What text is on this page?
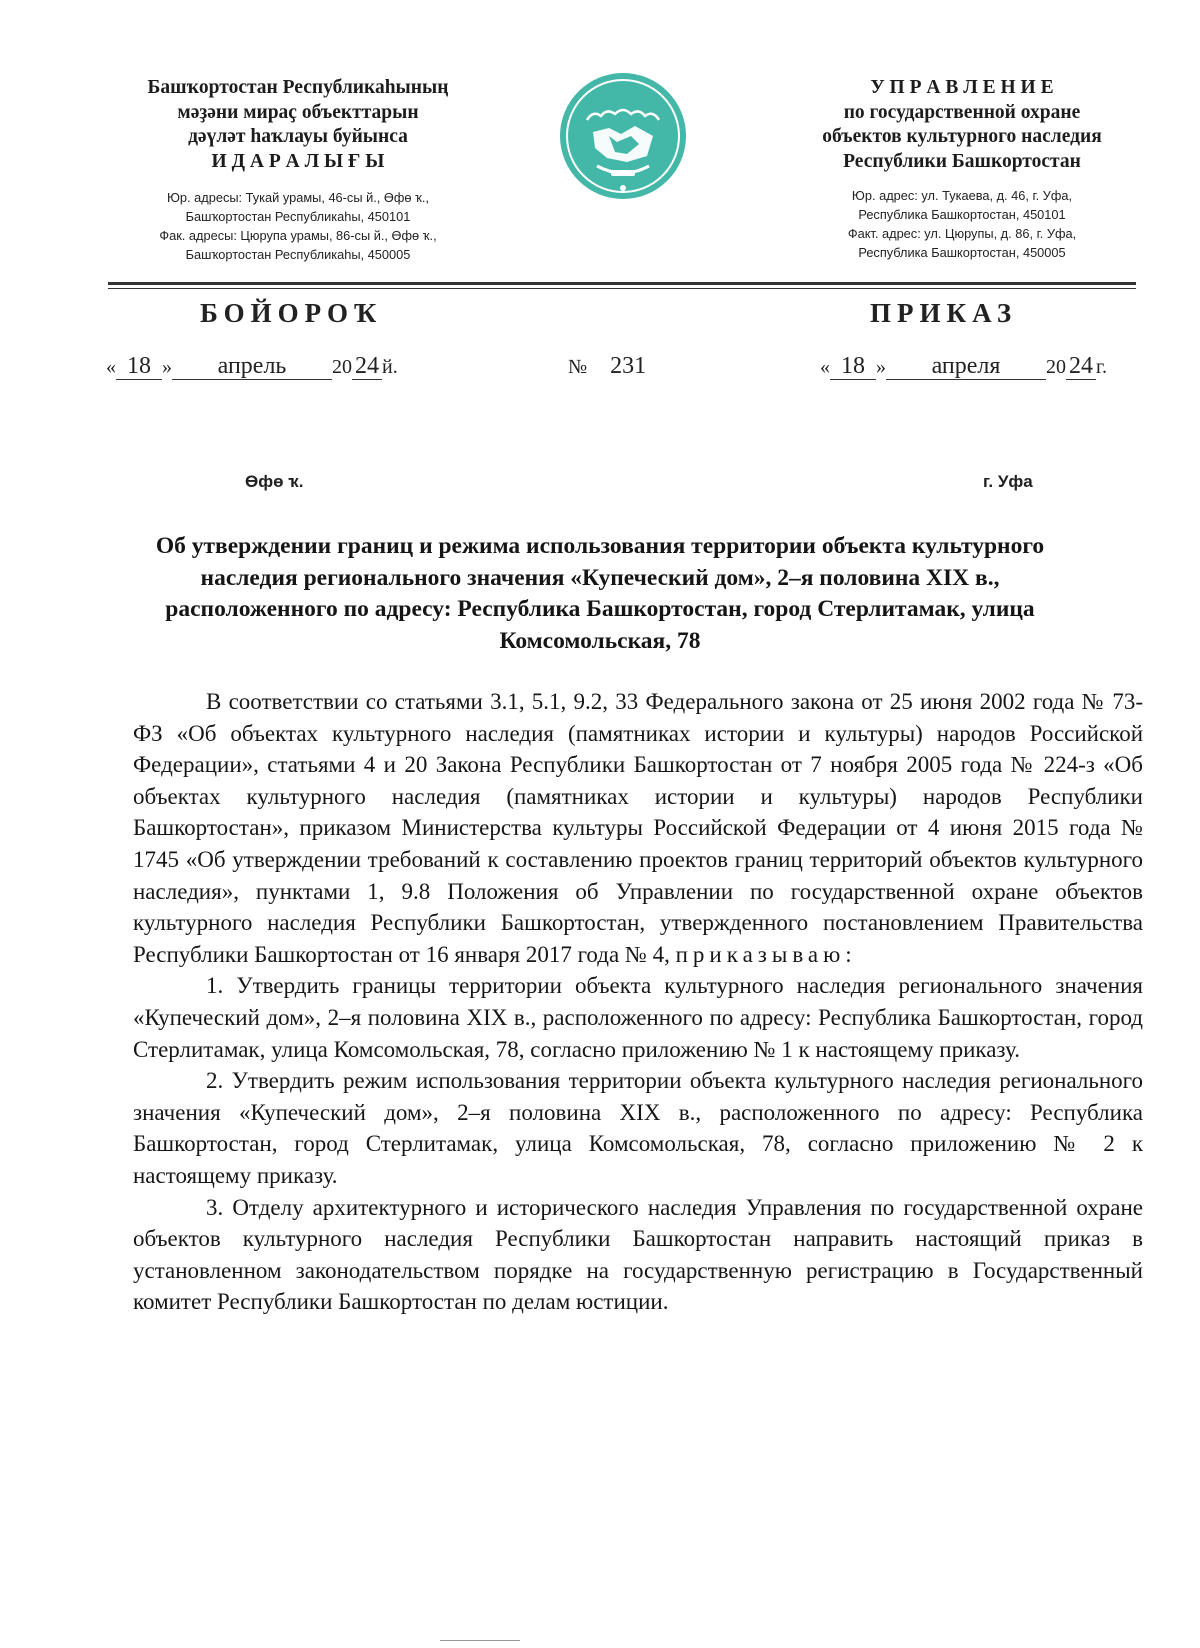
Башҡортостан Республикаһының
мәҙәни мираҫ объекттарын
дәүләт һаҡлауы буйынса
И Д А Р А Л Ы Ғ Ы
Юр. адресы: Тукай урамы, 46-сы й., Өфө ҡ.,
Башҡортостан Республикаһы, 450101
Фак. адресы: Цюрупа урамы, 86-сы й., Өфө ҡ.,
Башҡортостан Республикаһы, 450005
У П Р А В Л Е Н И Е
по государственной охране
объектов культурного наследия
Республики Башкортостан
Юр. адрес: ул. Тукаева, д. 46, г. Уфа,
Республика Башкортостан, 450101
Факт. адрес: ул. Цюрупы, д. 86, г. Уфа,
Республика Башкортостан, 450005
БОЙОРОҠ	ПРИКАЗ
« 18 » апрель 20 24 й.	№ 231	« 18 » апреля 20 24 г.
Өфө ҡ.	г. Уфа
Об утверждении границ и режима использования территории объекта культурного наследия регионального значения «Купеческий дом», 2–я половина XIX в., расположенного по адресу: Республика Башкортостан, город Стерлитамак, улица Комсомольская, 78

В соответствии со статьями 3.1, 5.1, 9.2, 33 Федерального закона от 25 июня 2002 года № 73-ФЗ «Об объектах культурного наследия (памятниках истории и культуры) народов Российской Федерации», статьями 4 и 20 Закона Республики Башкортостан от 7 ноября 2005 года № 224-з «Об объектах культурного наследия (памятниках истории и культуры) народов Республики Башкортостан», приказом Министерства культуры Российской Федерации от 4 июня 2015 года № 1745 «Об утверждении требований к составлению проектов границ территорий объектов культурного наследия», пунктами 1, 9.8 Положения об Управлении по государственной охране объектов культурного наследия Республики Башкортостан, утвержденного постановлением Правительства Республики Башкортостан от 16 января 2017 года № 4, приказываю:

1. Утвердить границы территории объекта культурного наследия регионального значения «Купеческий дом», 2–я половина XIX в., расположенного по адресу: Республика Башкортостан, город Стерлитамак, улица Комсомольская, 78, согласно приложению № 1 к настоящему приказу.

2. Утвердить режим использования территории объекта культурного наследия регионального значения «Купеческий дом», 2–я половина XIX в., расположенного по адресу: Республика Башкортостан, город Стерлитамак, улица Комсомольская, 78, согласно приложению № 2 к настоящему приказу.

3. Отделу архитектурного и исторического наследия Управления по государственной охране объектов культурного наследия Республики Башкортостан направить настоящий приказ в установленном законодательством порядке на государственную регистрацию в Государственный комитет Республики Башкортостан по делам юстиции.
